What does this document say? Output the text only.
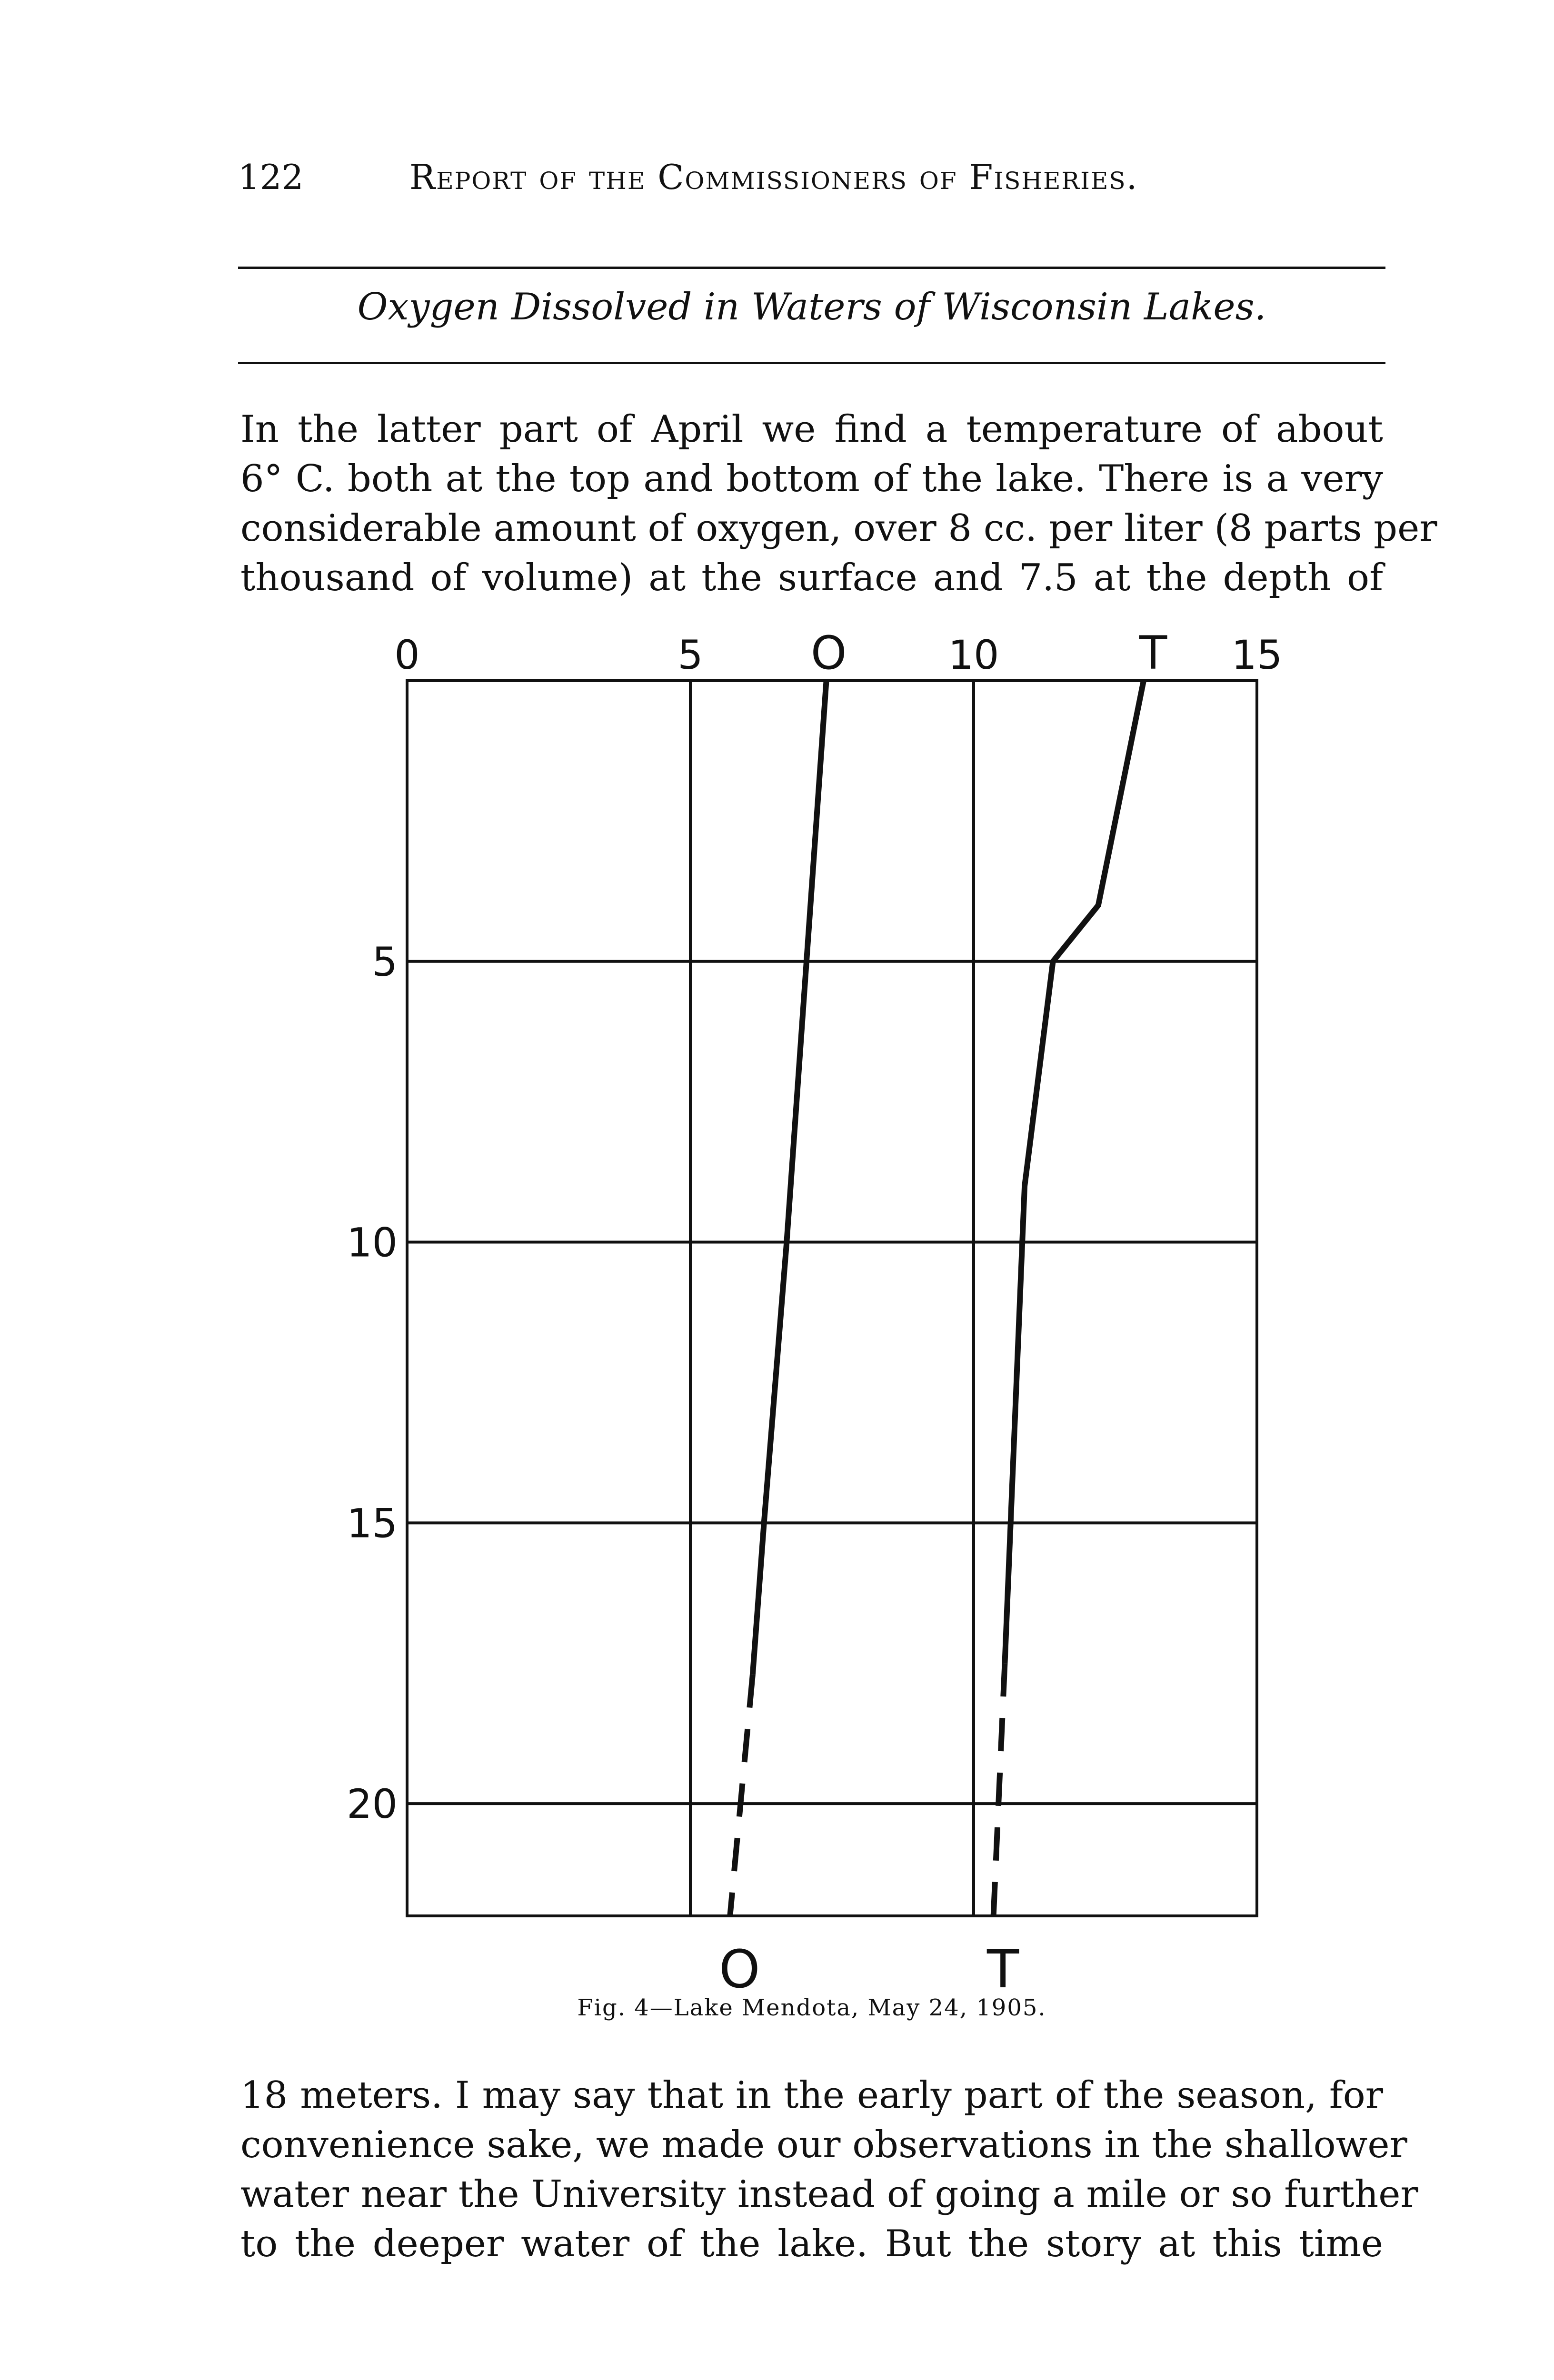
122	Report of the Commissioners of Fisheries.
Oxygen Dissolved in Waters of Wisconsin Lakes.
In the latter part of April we find a temperature of about
6° C. both at the top and bottom of the lake. There is a very
considerable amount of oxygen, over 8 cc. per liter (8 parts per
thousand of volume) at the surface and 7.5 at the depth of
0	5	10	15
5
10
15
20
O	T
O	T
Fig. 4—Lake Mendota, May 24, 1905.
18 meters. I may say that in the early part of the season, for
convenience sake, we made our observations in the shallower
water near the University instead of going a mile or so further
to the deeper water of the lake. But the story at this time
